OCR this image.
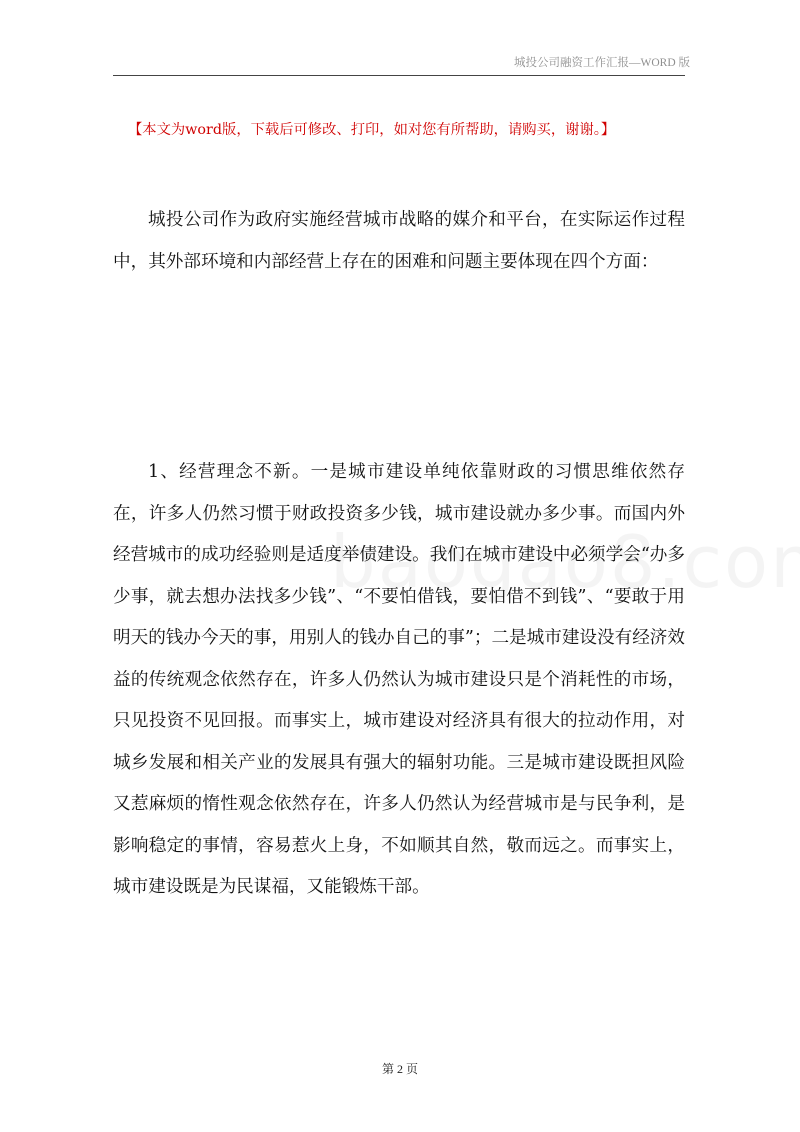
城投公司融资工作汇报—WORD 版
【本文为word版，下载后可修改、打印，如对您有所帮助，请购买，谢谢。】

城投公司作为政府实施经营城市战略的媒介和平台，在实际运作过程中，其外部环境和内部经营上存在的困难和问题主要体现在四个方面：

1、经营理念不新。一是城市建设单纯依靠财政的习惯思维依然存在，许多人仍然习惯于财政投资多少钱，城市建设就办多少事。而国内外经营城市的成功经验则是适度举债建设。我们在城市建设中必须学会“办多少事，就去想办法找多少钱”、“不要怕借钱，要怕借不到钱”、“要敢于用明天的钱办今天的事，用别人的钱办自己的事”；二是城市建设没有经济效益的传统观念依然存在，许多人仍然认为城市建设只是个消耗性的市场，只见投资不见回报。而事实上，城市建设对经济具有很大的拉动作用，对城乡发展和相关产业的发展具有强大的辐射功能。三是城市建设既担风险又惹麻烦的惰性观念依然存在，许多人仍然认为经营城市是与民争利，是影响稳定的事情，容易惹火上身，不如顺其自然，敬而远之。而事实上，城市建设既是为民谋福，又能锻炼干部。

第 2 页
